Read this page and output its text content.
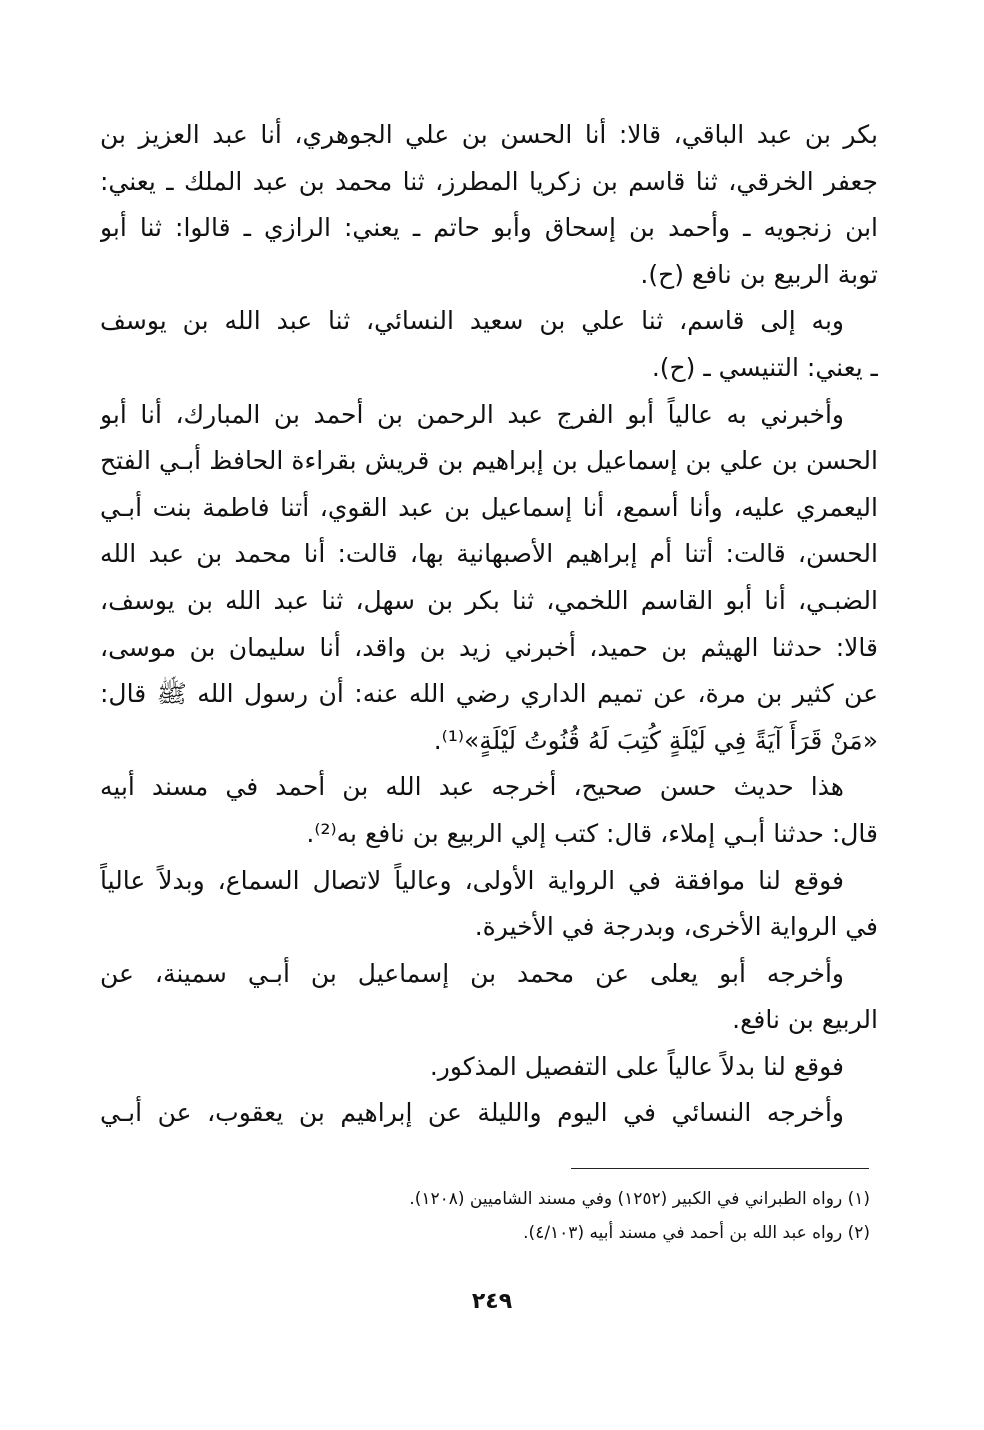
بكر بن عبد الباقي، قالا: أنا الحسن بن علي الجوهري، أنا عبد العزيز بن
جعفر الخرقي، ثنا قاسم بن زكريا المطرز، ثنا محمد بن عبد الملك ـ يعني:
ابن زنجويه ـ وأحمد بن إسحاق وأبو حاتم ـ يعني: الرازي ـ قالوا: ثنا أبو
توبة الربيع بن نافع (ح).
وبه إلى قاسم، ثنا علي بن سعيد النسائي، ثنا عبد الله بن يوسف
ـ يعني: التنيسي ـ (ح).
وأخبرني به عالياً أبو الفرج عبد الرحمن بن أحمد بن المبارك، أنا أبو
الحسن بن علي بن إسماعيل بن إبراهيم بن قريش بقراءة الحافظ أبـي الفتح
اليعمري عليه، وأنا أسمع، أنا إسماعيل بن عبد القوي، أتنا فاطمة بنت أبـي
الحسن، قالت: أتنا أم إبراهيم الأصبهانية بها، قالت: أنا محمد بن عبد الله
الضبـي، أنا أبو القاسم اللخمي، ثنا بكر بن سهل، ثنا عبد الله بن يوسف،
قالا: حدثنا الهيثم بن حميد، أخبرني زيد بن واقد، أنا سليمان بن موسى،
عن كثير بن مرة، عن تميم الداري رضي الله عنه: أن رسول الله ﷺ قال:
«مَنْ قَرَأَ آيَةً فِي لَيْلَةٍ كُتِبَ لَهُ قُنُوتُ لَيْلَةٍ»⁽¹⁾.
هذا حديث حسن صحيح، أخرجه عبد الله بن أحمد في مسند أبيه
قال: حدثنا أبـي إملاء، قال: كتب إلي الربيع بن نافع به⁽²⁾.
فوقع لنا موافقة في الرواية الأولى، وعالياً لاتصال السماع، وبدلاً عالياً
في الرواية الأخرى، وبدرجة في الأخيرة.
وأخرجه أبو يعلى عن محمد بن إسماعيل بن أبـي سمينة، عن
الربيع بن نافع.
فوقع لنا بدلاً عالياً على التفصيل المذكور.
وأخرجه النسائي في اليوم والليلة عن إبراهيم بن يعقوب، عن أبـي
(١) رواه الطبراني في الكبير (١٢٥٢) وفي مسند الشاميين (١٢٠٨).
(٢) رواه عبد الله بن أحمد في مسند أبيه (٤/١٠٣).
٢٤٩
